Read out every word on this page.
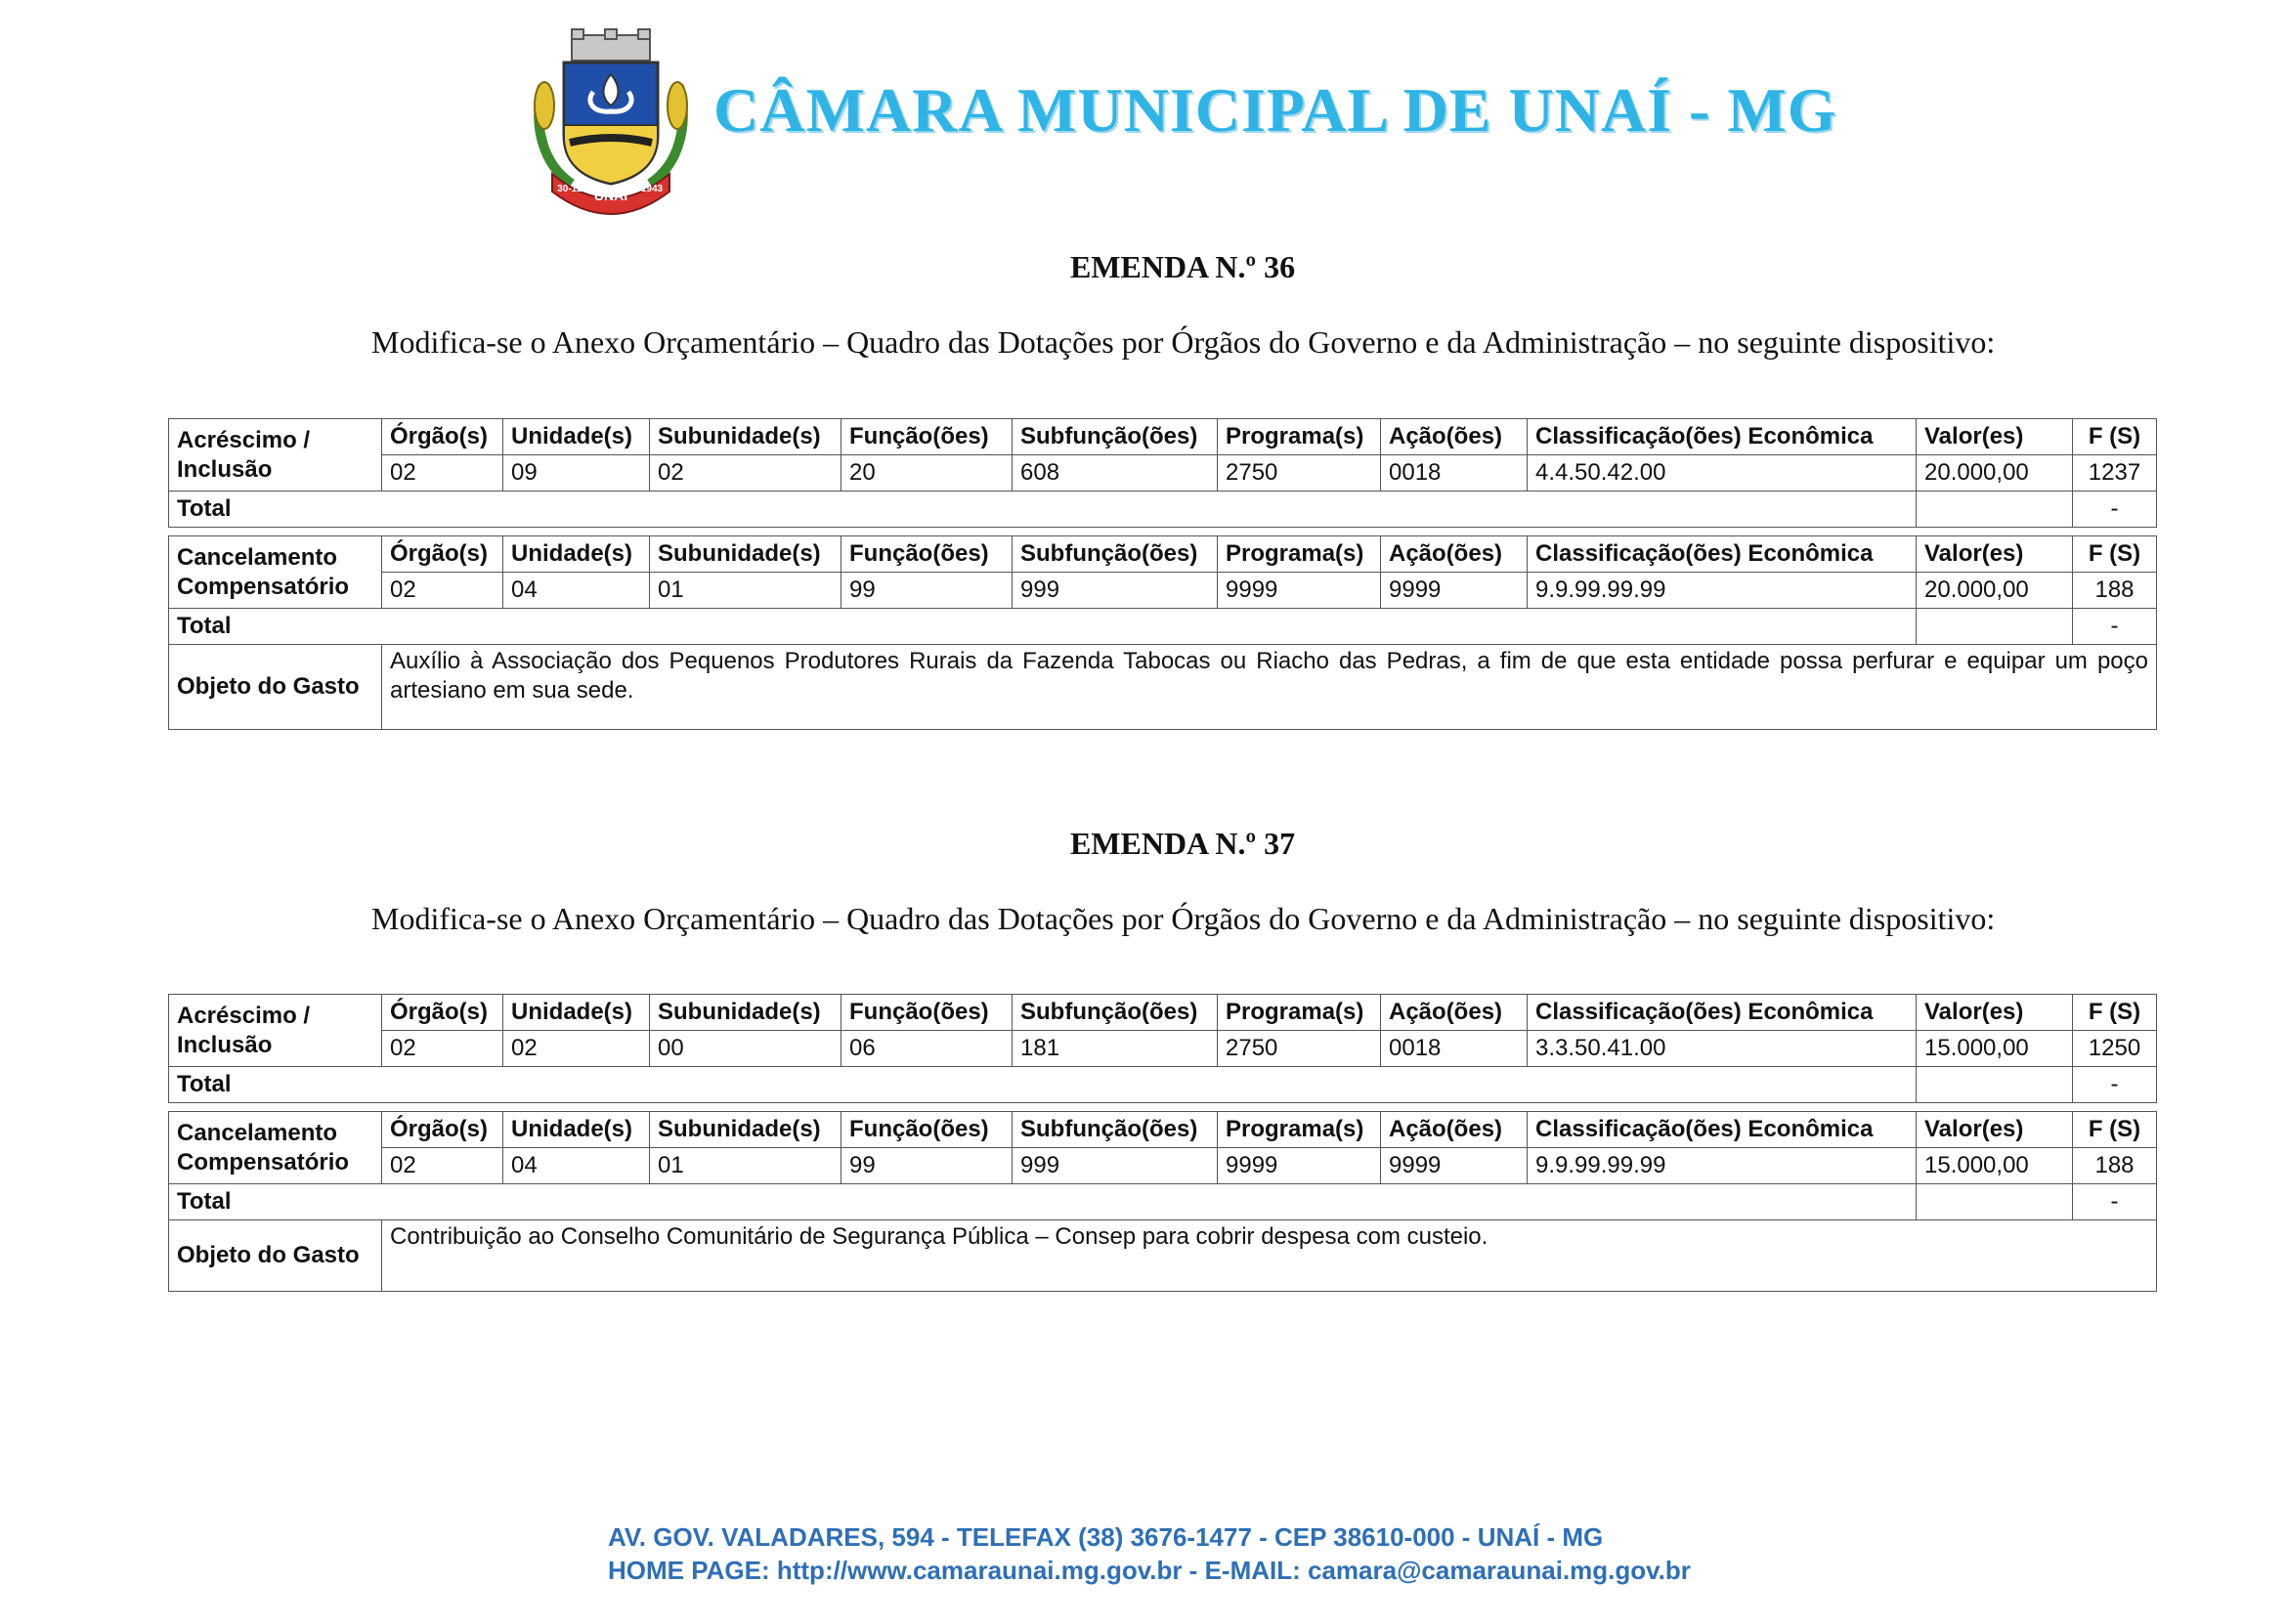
UNAÍ
30-12	1943
CÂMARA MUNICIPAL DE UNAÍ - MG
EMENDA N.º 36
Modifica-se o Anexo Orçamentário – Quadro das Dotações por Órgãos do Governo e da Administração – no seguinte dispositivo:
Acréscimo / Inclusão	Órgão(s)	Unidade(s)	Subunidade(s)	Função(ões)	Subfunção(ões)	Programa(s)	Ação(ões)	Classificação(ões) Econômica	Valor(es)	F (S)
	02	09	02	20	608	2750	0018	4.4.50.42.00	20.000,00	1237
Total										-

Cancelamento Compensatório	Órgão(s)	Unidade(s)	Subunidade(s)	Função(ões)	Subfunção(ões)	Programa(s)	Ação(ões)	Classificação(ões) Econômica	Valor(es)	F (S)
	02	04	01	99	999	9999	9999	9.9.99.99.99	20.000,00	188
Total										-
Objeto do Gasto	Auxílio à Associação dos Pequenos Produtores Rurais da Fazenda Tabocas ou Riacho das Pedras, a fim de que esta entidade possa perfurar e equipar um poço artesiano em sua sede.									
EMENDA N.º 37
Modifica-se o Anexo Orçamentário – Quadro das Dotações por Órgãos do Governo e da Administração – no seguinte dispositivo:
Acréscimo / Inclusão	Órgão(s)	Unidade(s)	Subunidade(s)	Função(ões)	Subfunção(ões)	Programa(s)	Ação(ões)	Classificação(ões) Econômica	Valor(es)	F (S)
	02	02	00	06	181	2750	0018	3.3.50.41.00	15.000,00	1250
Total										-

Cancelamento Compensatório	Órgão(s)	Unidade(s)	Subunidade(s)	Função(ões)	Subfunção(ões)	Programa(s)	Ação(ões)	Classificação(ões) Econômica	Valor(es)	F (S)
	02	04	01	99	999	9999	9999	9.9.99.99.99	15.000,00	188
Total										-
Objeto do Gasto	Contribuição ao Conselho Comunitário de Segurança Pública – Consep para cobrir despesa com custeio.									
AV. GOV. VALADARES, 594 - TELEFAX (38) 3676-1477 - CEP 38610-000 - UNAÍ - MG
HOME PAGE: http://www.camaraunai.mg.gov.br - E-MAIL: camara@camaraunai.mg.gov.br
